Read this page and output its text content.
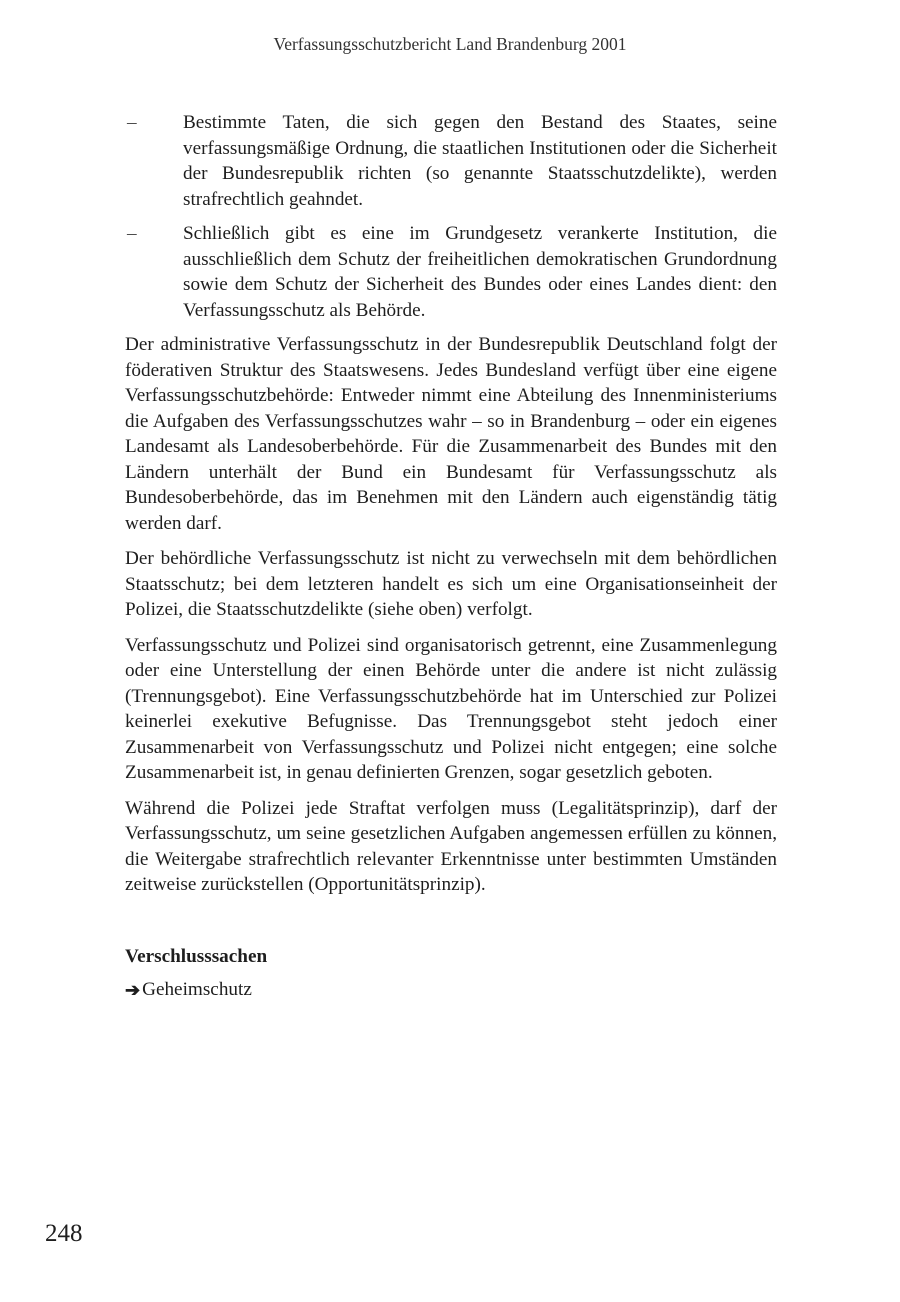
Verfassungsschutzbericht Land Brandenburg 2001
–	Bestimmte Taten, die sich gegen den Bestand des Staates, seine verfassungsmäßige Ordnung, die staatlichen Institutionen oder die Sicherheit der Bundesrepublik richten (so genannte Staatsschutzdelikte), werden strafrechtlich geahndet.
–	Schließlich gibt es eine im Grundgesetz verankerte Institution, die ausschließlich dem Schutz der freiheitlichen demokratischen Grundordnung sowie dem Schutz der Sicherheit des Bundes oder eines Landes dient: den Verfassungsschutz als Behörde.

Der administrative Verfassungsschutz in der Bundesrepublik Deutschland folgt der föderativen Struktur des Staatswesens. Jedes Bundesland verfügt über eine eigene Verfassungsschutzbehörde: Entweder nimmt eine Abteilung des Innenministeriums die Aufgaben des Verfassungsschutzes wahr – so in Brandenburg – oder ein eigenes Landesamt als Landesoberbehörde. Für die Zusammenarbeit des Bundes mit den Ländern unterhält der Bund ein Bundesamt für Verfassungsschutz als Bundesoberbehörde, das im Benehmen mit den Ländern auch eigenständig tätig werden darf.

Der behördliche Verfassungsschutz ist nicht zu verwechseln mit dem behördlichen Staatsschutz; bei dem letzteren handelt es sich um eine Organisationseinheit der Polizei, die Staatsschutzdelikte (siehe oben) verfolgt.

Verfassungsschutz und Polizei sind organisatorisch getrennt, eine Zusammenlegung oder eine Unterstellung der einen Behörde unter die andere ist nicht zulässig (Trennungsgebot). Eine Verfassungsschutzbehörde hat im Unterschied zur Polizei keinerlei exekutive Befugnisse. Das Trennungsgebot steht jedoch einer Zusammenarbeit von Verfassungsschutz und Polizei nicht entgegen; eine solche Zusammenarbeit ist, in genau definierten Grenzen, sogar gesetzlich geboten.

Während die Polizei jede Straftat verfolgen muss (Legalitätsprinzip), darf der Verfassungsschutz, um seine gesetzlichen Aufgaben angemessen erfüllen zu können, die Weitergabe strafrechtlich relevanter Erkenntnisse unter bestimmten Umständen zeitweise zurückstellen (Opportunitätsprinzip).

Verschlusssachen
➔ Geheimschutz
248
